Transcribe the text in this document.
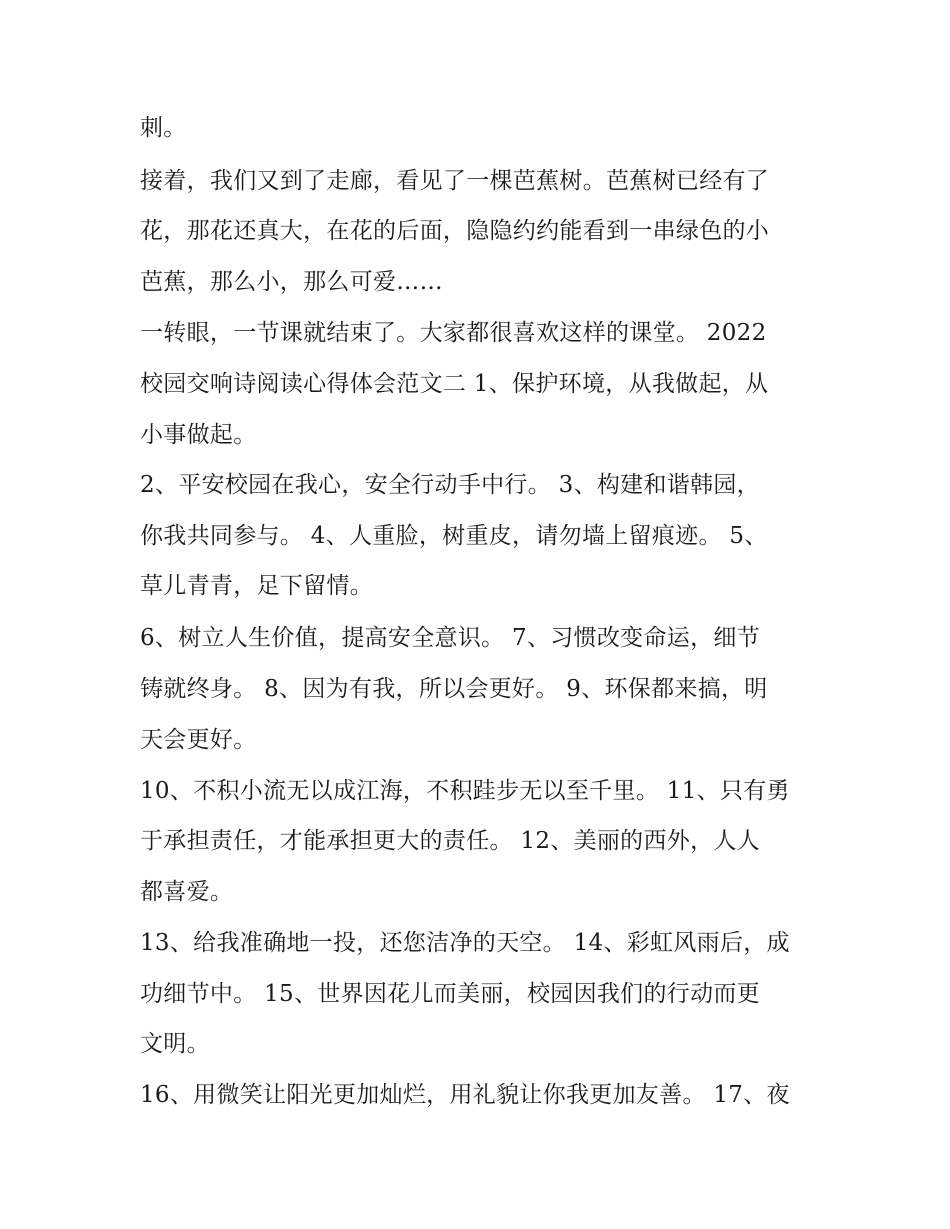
刺。
接着，我们又到了走廊，看见了一棵芭蕉树。芭蕉树已经有了
花，那花还真大，在花的后面，隐隐约约能看到一串绿色的小
芭蕉，那么小，那么可爱……
一转眼，一节课就结束了。大家都很喜欢这样的课堂。 2022
校园交响诗阅读心得体会范文二 1、保护环境，从我做起，从
小事做起。
2、平安校园在我心，安全行动手中行。 3、构建和谐韩园，
你我共同参与。 4、人重脸，树重皮，请勿墙上留痕迹。 5、
草儿青青，足下留情。
6、树立人生价值，提高安全意识。 7、习惯改变命运，细节
铸就终身。 8、因为有我，所以会更好。 9、环保都来搞，明
天会更好。
10、不积小流无以成江海，不积跬步无以至千里。 11、只有勇
于承担责任，才能承担更大的责任。 12、美丽的西外，人人
都喜爱。
13、给我准确地一投，还您洁净的天空。 14、彩虹风雨后，成
功细节中。 15、世界因花儿而美丽，校园因我们的行动而更
文明。
16、用微笑让阳光更加灿烂，用礼貌让你我更加友善。 17、夜
